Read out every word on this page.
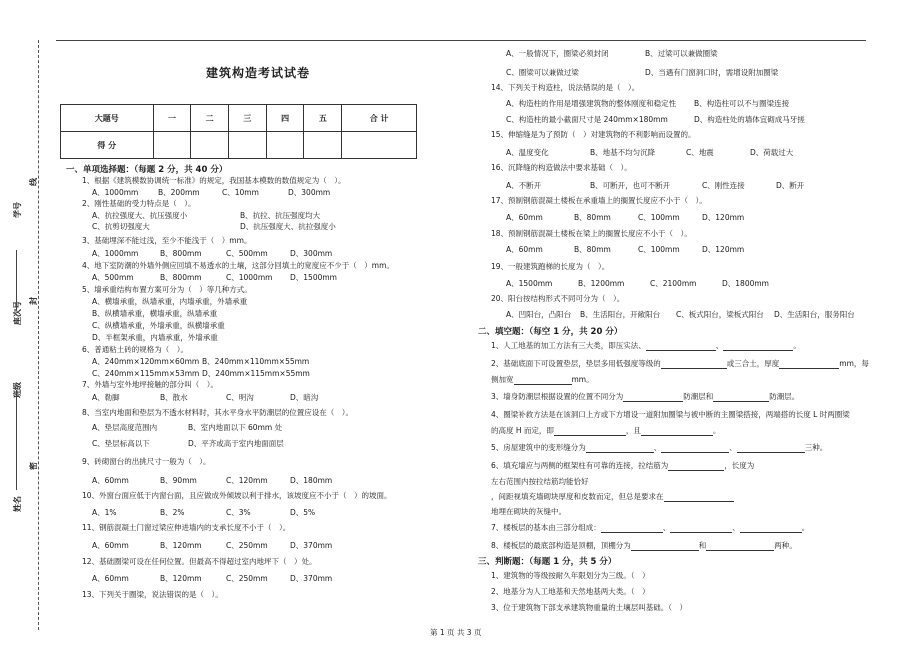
姓名
班级
座次号
学号
密
封
线
建筑构造考试试卷
大题号	一	二	三	四	五	合 计
得 分						
一、单项选择题：（每题 2 分，共 40 分）
1、根据《建筑模数协调统一标准》的规定，我国基本模数的数值规定为（　）。
A、1000mm	B、200mm	C、10mm	D、300mm
2、刚性基础的受力特点是（　）。
A、抗拉强度大、抗压强度小	B、抗拉、抗压强度均大
C、抗剪切强度大	D、抗压强度大、抗拉强度小
3、基础埋深不能过浅，至少不能浅于（　）mm。
A、1000mm	B、800mm	C、500mm	D、300mm
4、地下室防潮的外墙外侧应回填不易透水的土壤，这部分回填土的宽度应不少于（　）mm。
A、500mm	B、800mm	C、1000mm D、1500mm
5、墙承重结构布置方案可分为（　）等几种方式。
A、横墙承重，纵墙承重，内墙承重，外墙承重
B、纵横墙承重，横墙承重，纵墙承重
C、纵横墙承重，外墙承重，纵横墙承重
D、半框架承重，内墙承重，外墙承重
6、普通粘土砖的规格为（　）。
A、240mm×120mm×60mm B、240mm×110mm×55mm
C、240mm×115mm×53mm D、240mm×115mm×55mm
7、外墙与室外地坪接触的部分叫（　）。
A、勒脚	B、散水	C、明沟	D、暗沟
8、当室内地面和垫层为不透水材料时，其水平身水平防潮层的位置应设在（　）。
A、垫层高度范围内	B、室内地面以下 60mm 处
C、垫层标高以下	D、平齐或高于室内地面面层
9、砖砌窗台的出挑尺寸一般为（　）。
A、60mm	B、90mm	C、120mm	D、180mm
10、外窗台面应低于内窗台面，且应做成外倾坡以利于排水，该坡度应不小于（　）的坡面。
A、1%	B、2%	C、3%	D、5%
11、钢筋混凝土门窗过梁应伸进墙内的支承长度不小于（　）。
A、60mm	B、120mm	C、250mm	D、370mm
12、基础圈梁可设在任何位置。但最高不得超过室内地坪下（　）处。
A、60mm	B、120mm	C、250mm	D、370mm
13、下列关于圈梁，说法错误的是（　）。
A、一般情况下，圈梁必须封闭	B、过梁可以兼做圈梁
C、圈梁可以兼做过梁	D、当遇有门窗洞口时，需增设附加圈梁
14、下列关于构造柱，说法错误的是（　）。
A、构造柱的作用是增强建筑物的整体刚度和稳定性 B、构造柱可以不与圈梁连接
C、构造柱的最小截面尺寸是 240mm×180mm	D、构造柱处的墙体宜砌成马牙搓
15、伸缩缝是为了预防（　）对建筑物的不利影响而设置的。
A、温度变化	B、地基不均匀沉降	C、地震	D、荷载过大
16、沉降缝的构造做法中要求基础（　）。
A、不断开	B、可断开，也可不断开	C、刚性连接	D、断开
17、预制钢筋混凝土楼板在承重墙上的搁置长度应不小于（　）。
A、60mm	B、80mm	C、100mm	D、120mm
18、预制钢筋混凝土楼板在梁上的搁置长度应不小于（　）。
A、60mm	B、80mm	C、100mm	D、120mm
19、一般建筑跑梯的长度为（　）。
A、1500mm	B、1200mm	C、2100mm	D、1800mm
20、阳台按结构形式不同可分为（　）。
A、凹阳台，凸阳台 B、生活阳台，开敞阳台 C、板式阳台，梁板式阳台 D、生活阳台，服务阳台
二、填空题：（每空 1 分，共 20 分）
1、人工地基的加工方法有三大类，即压实法、	、	。
2、基础底面下可设置垫层，垫层多用低强度等级的	或三合土，厚度	mm，每
侧加宽	mm。
3、墙身防潮层根据设置的位置不同分为	防潮层和	防潮层。
4、圈梁补救方法是在该洞口上方或下方增设一道附加圈梁与被中断的主圈梁搭接，两端搭的长度 L 时两圈梁
的高度 H 而定，即	，且	。
5、房屋建筑中的变形缝分为	、	、	三种。
6、填充墙应与两侧的框架柱有可靠的连接，拉结筋为	，长度为
左右范围内按拉结筋均能恰好
，间距视填充墙砌块厚度和皮数而定，但总是要求在
地埋在砌块的灰缝中。
7、楼板层的基本由三部分组成：	、	、	。
8、楼板层的最底部构造是顶棚，顶棚分为	和	两种。
三、判断题：（每题 1 分，共 5 分）
1、建筑物的等级按耐久年限划分为三级。（　）
2、地基分为人工地基和天然地基两大类。（　）
3、位于建筑物下部支承建筑物重量的土壤层叫基础。（　）
第 1 页 共 3 页
